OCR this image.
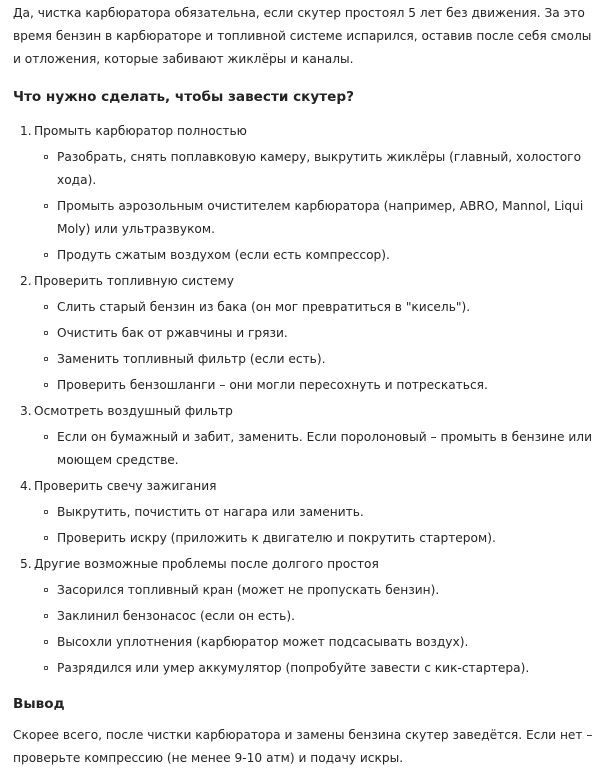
Да, чистка карбюратора обязательна, если скутер простоял 5 лет без движения. За это время бензин в карбюраторе и топливной системе испарился, оставив после себя смолы и отложения, которые забивают жиклёры и каналы.

Что нужно сделать, чтобы завести скутер?
1. Промыть карбюратор полностью
Разобрать, снять поплавковую камеру, выкрутить жиклёры (главный, холостого хода).
Промыть аэрозольным очистителем карбюратора (например, ABRO, Mannol, Liqui Moly) или ультразвуком.
Продуть сжатым воздухом (если есть компрессор).
2. Проверить топливную систему
Слить старый бензин из бака (он мог превратиться в "кисель").
Очистить бак от ржавчины и грязи.
Заменить топливный фильтр (если есть).
Проверить бензошланги – они могли пересохнуть и потрескаться.
3. Осмотреть воздушный фильтр
Если он бумажный и забит, заменить. Если поролоновый – промыть в бензине или моющем средстве.
4. Проверить свечу зажигания
Выкрутить, почистить от нагара или заменить.
Проверить искру (приложить к двигателю и покрутить стартером).
5. Другие возможные проблемы после долгого простоя
Засорился топливный кран (может не пропускать бензин).
Заклинил бензонасос (если он есть).
Высохли уплотнения (карбюратор может подсасывать воздух).
Разрядился или умер аккумулятор (попробуйте завести с кик-стартера).
Вывод

Скорее всего, после чистки карбюратора и замены бензина скутер заведётся. Если нет – проверьте компрессию (не менее 9-10 атм) и подачу искры.
